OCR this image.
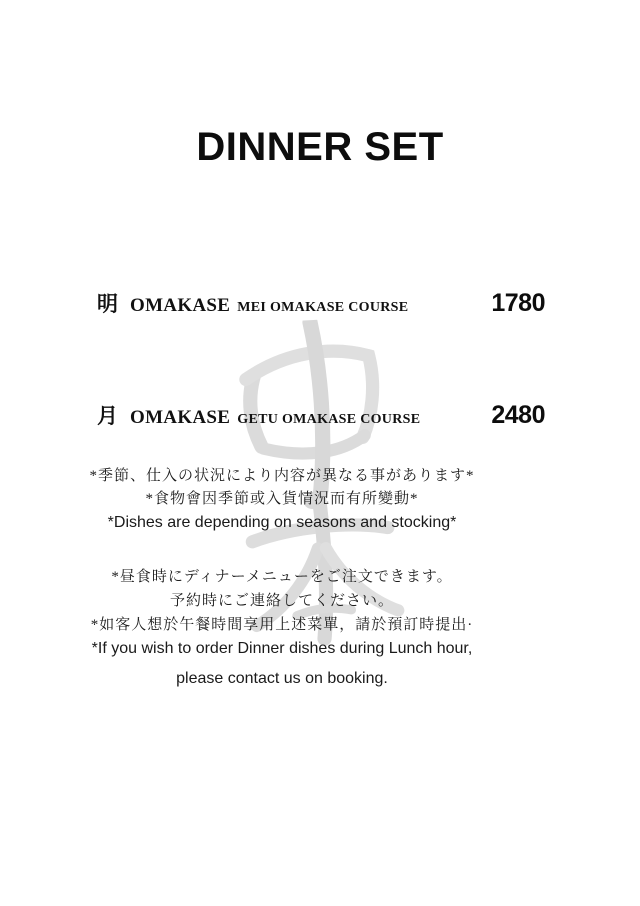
DINNER SET
明 OMAKASE MEI OMAKASE COURSE	1780
月 OMAKASE GETU OMAKASE COURSE	2480
*季節、仕入の状況により内容が異なる事があります*
*食物會因季節或入貨情況而有所變動*
*Dishes are depending on seasons and stocking*
*昼食時にディナーメニューをご注文できます。
予約時にご連絡してください。
*如客人想於午餐時間享用上述菜單，請於預訂時提出·
*If you wish to order Dinner dishes during Lunch hour,
please contact us on booking.
